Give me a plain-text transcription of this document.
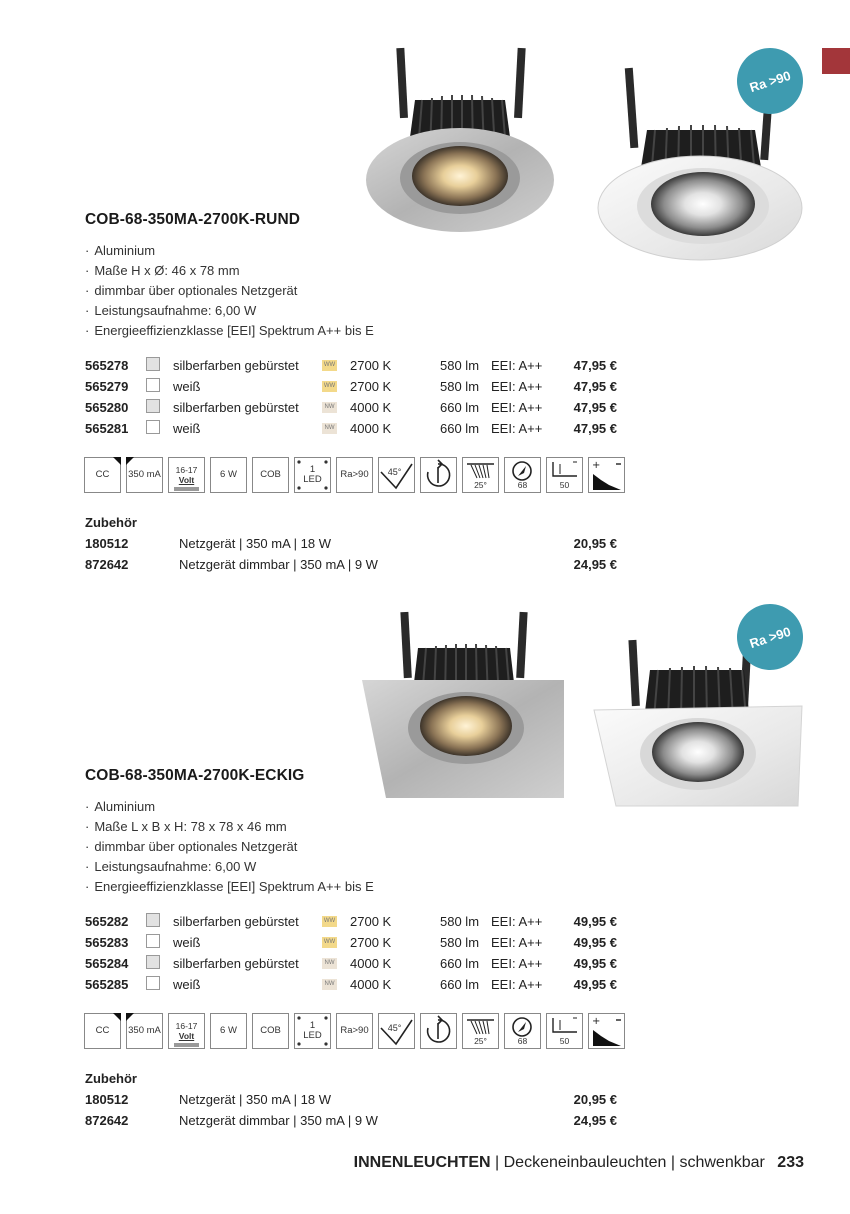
Ra >90
COB-68-350MA-2700K-RUND
· Aluminium
· Maße H x Ø: 46 x 78 mm
· dimmbar über optionales Netzgerät
· Leistungsaufnahme: 6,00 W
· Energieeffizienzklasse [EEI] Spektrum A++ bis E
565278	silberfarben gebürstet	WW 2700 K	580 lm EEI: A++ 47,95 €
565279	weiß	WW 2700 K	580 lm EEI: A++ 47,95 €
565280	silberfarben gebürstet	NW 4000 K	660 lm EEI: A++ 47,95 €
565281	weiß	NW 4000 K	660 lm EEI: A++ 47,95 €
CC 350 mA 16-17
Volt	6 W COB	1
LED Ra>90 45°
25°	68	50
+
Zubehör
180512	Netzgerät | 350 mA | 18 W	20,95 €
872642	Netzgerät dimmbar | 350 mA | 9 W	24,95 €
Ra >90
COB-68-350MA-2700K-ECKIG
· Aluminium
· Maße L x B x H: 78 x 78 x 46 mm
· dimmbar über optionales Netzgerät
· Leistungsaufnahme: 6,00 W
· Energieeffizienzklasse [EEI] Spektrum A++ bis E
565282	silberfarben gebürstet	WW 2700 K	580 lm EEI: A++ 49,95 €
565283	weiß	WW 2700 K	580 lm EEI: A++ 49,95 €
565284	silberfarben gebürstet	NW 4000 K	660 lm EEI: A++ 49,95 €
565285	weiß	NW 4000 K	660 lm EEI: A++ 49,95 €
CC 350 mA 16-17
Volt	6 W COB	1
LED Ra>90 45°
25°	68	50
+
Zubehör
180512	Netzgerät | 350 mA | 18 W	20,95 €
872642	Netzgerät dimmbar | 350 mA | 9 W	24,95 €
INNENLEUCHTEN | Deckeneinbauleuchten | schwenkbar 233
